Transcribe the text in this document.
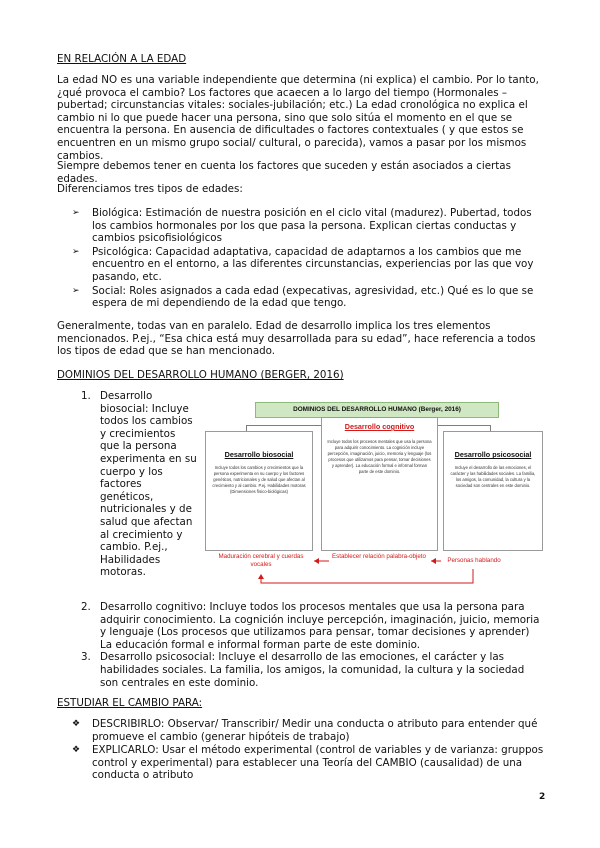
EN RELACIÓN A LA EDAD
La edad NO es una variable independiente que determina (ni explica) el cambio. Por lo tanto, ¿qué provoca el cambio? Los factores que acaecen a lo largo del tiempo (Hormonales – pubertad; circunstancias vitales: sociales-jubilación; etc.) La edad cronológica no explica el cambio ni lo que puede hacer una persona, sino que solo sitúa el momento en el que se encuentra la persona. En ausencia de dificultades o factores contextuales ( y que estos se encuentren en un mismo grupo social/ cultural, o parecida), vamos a pasar por los mismos cambios.
Siempre debemos tener en cuenta los factores que suceden y están asociados a ciertas edades.
Diferenciamos tres tipos de edades:
➢ Biológica: Estimación de nuestra posición en el ciclo vital (madurez). Pubertad, todos los cambios hormonales por los que pasa la persona. Explican ciertas conductas y cambios psicofisiológicos
➢ Psicológica: Capacidad adaptativa, capacidad de adaptarnos a los cambios que me encuentro en el entorno, a las diferentes circunstancias, experiencias por las que voy pasando, etc.
➢ Social: Roles asignados a cada edad (expecativas, agresividad, etc.) Qué es lo que se espera de mi dependiendo de la edad que tengo.
Generalmente, todas van en paralelo. Edad de desarrollo implica los tres elementos mencionados. P.ej., “Esa chica está muy desarrollada para su edad”, hace referencia a todos los tipos de edad que se han mencionado.
DOMINIOS DEL DESARROLLO HUMANO (BERGER, 2016)
1. Desarrollo biosocial: Incluye todos los cambios y crecimientos que la persona experimenta en su cuerpo y los factores genéticos, nutricionales y de salud que afectan al crecimiento y cambio. P.ej., Habilidades motoras.
DOMINIOS DEL DESARROLLO HUMANO (Berger, 2016)
Desarrollo biosocial
Incluye todos los cambios y crecimientos que la persona experimenta en su cuerpo y los factores genéticos, nutricionales y de salud que afectan al crecimiento y al cambio. P.ej. Habilidades motoras (Dimensiones físico-biológicas)
Desarrollo cognitivo
Incluye todos los procesos mentales que usa la persona para adquirir conocimiento. La cognición incluye percepción, imaginación, juicio, memoria y lenguaje (los procesos que utilizamos para pensar, tomar decisiones y aprender). La educación formal e informal forman parte de este dominio.
Desarrollo psicosocial
Incluye el desarrollo de las emociones, el carácter y las habilidades sociales. La familia, los amigos, la comunidad, la cultura y la sociedad son centrales en este dominio.
Maduración cerebral y cuerdas vocales
Establecer relación palabra-objeto
Personas hablando
2. Desarrollo cognitivo: Incluye todos los procesos mentales que usa la persona para adquirir conocimiento. La cognición incluye percepción, imaginación, juicio, memoria y lenguaje (Los procesos que utilizamos para pensar, tomar decisiones y aprender) La educación formal e informal forman parte de este dominio.
3. Desarrollo psicosocial: Incluye el desarrollo de las emociones, el carácter y las habilidades sociales. La familia, los amigos, la comunidad, la cultura y la sociedad son centrales en este dominio.
ESTUDIAR EL CAMBIO PARA:
❖ DESCRIBIRLO: Observar/ Transcribir/ Medir una conducta o atributo para entender qué promueve el cambio (generar hipóteis de trabajo)
❖ EXPLICARLO: Usar el método experimental (control de variables y de varianza: gruppos control y experimental) para establecer una Teoría del CAMBIO (causalidad) de una conducta o atributo
2
